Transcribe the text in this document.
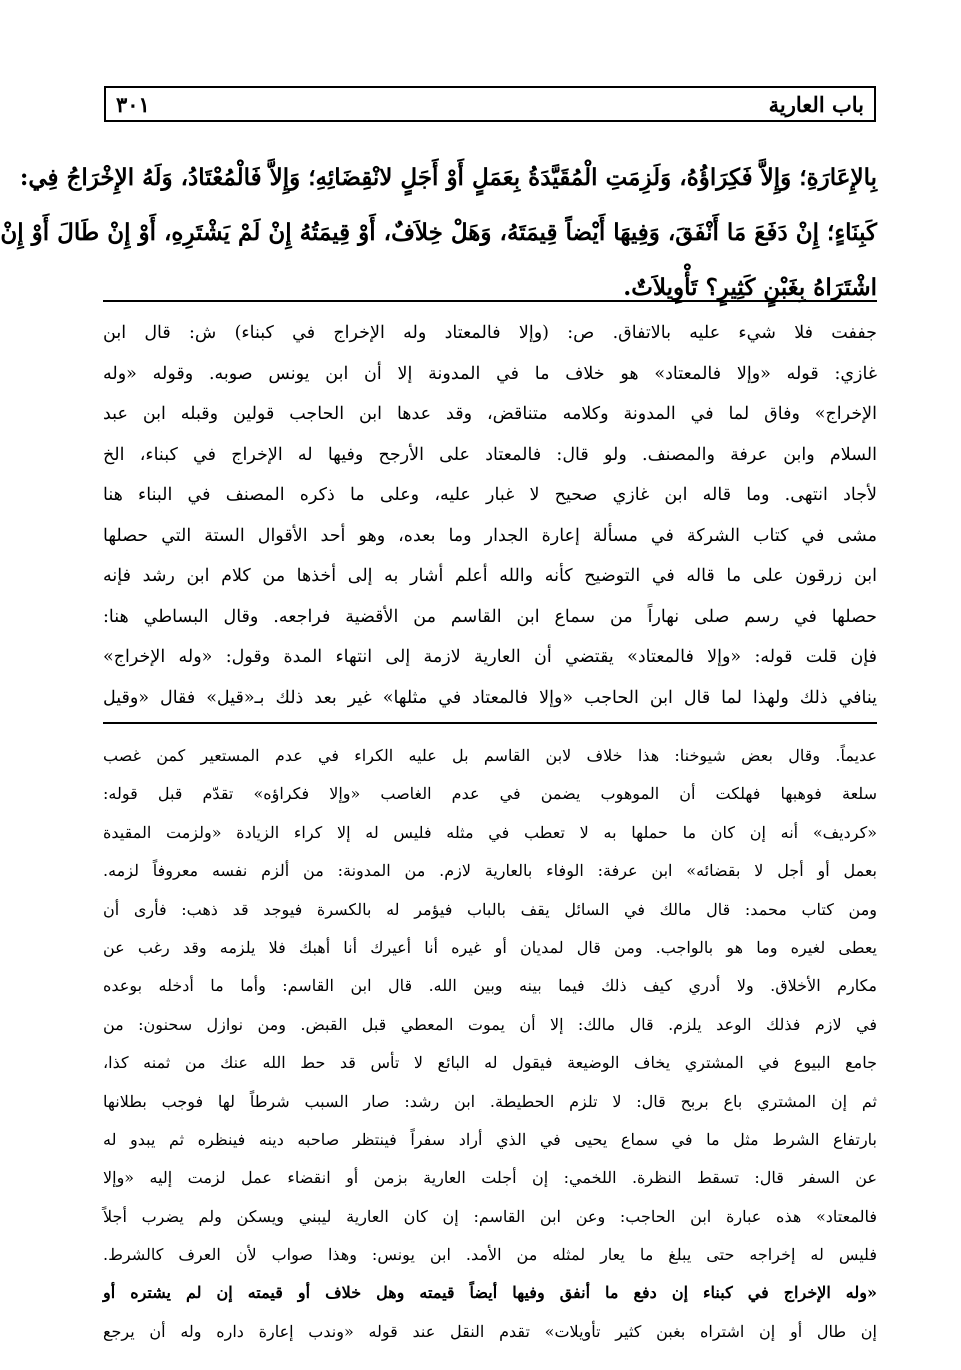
باب العارية
٣٠١
بِالإِعَارَةِ؛ وَإِلاَّ فَكِرَاؤُهُ، وَلَزِمَتِ الْمُقَيَّدَةُ بِعَمَلٍ أَوْ أَجَلٍ لانْقِضَائِهِ؛ وَإِلاَّ فَالْمُعْتَادُ، وَلَهُ الإِخْرَاجُ فِي:
كَبِنَاءٍ؛ إِنْ دَفَعَ مَا أَنْفَقَ، وَفِيهَا أَيْضاً قِيمَتَهُ، وَهَلْ خِلاَفٌ، أَوْ قِيمَتُهُ إِنْ لَمْ يَشْتَرِهِ، أَوْ إِنْ طَالَ أَوْ إِنْ
اشْتَرَاهُ بِغَبْنٍ كَثِيرٍ؟ تَأْوِيلاَتٌ.
جففت فلا شيء عليه بالاتفاق. ص: (وإلا فالمعتاد وله الإخراج في كبناء) ش: قال ابن
غازي: قوله «وإلا فالمعتاد» هو خلاف ما في المدونة إلا أن ابن يونس صوبه. وقوله «وله
الإخراج» وفاق لما في المدونة وكلامه متناقض، وقد عدها ابن الحاجب قولين وقبله ابن عبد
السلام وابن عرفة والمصنف. ولو قال: فالمعتاد على الأرجح وفيها له الإخراج في كبناء، الخ
لأجاد انتهى. وما قاله ابن غازي صحيح لا غبار عليه، وعلى ما ذكره المصنف في البناء هنا
مشى في كتاب الشركة في مسألة إعارة الجدار وما بعده، وهو أحد الأقوال الستة التي حصلها
ابن زرقون على ما قاله في التوضيح كأنه والله أعلم أشار به إلى أخذها من كلام ابن رشد فإنه
حصلها في رسم صلى نهاراً من سماع ابن القاسم من الأقضية فراجعه. وقال البساطي هنا:
فإن قلت قوله: «وإلا فالمعتاد» يقتضي أن العارية لازمة إلى انتهاء المدة وقول: «وله الإخراج»
ينافي ذلك ولهذا لما قال ابن الحاجب «وإلا فالمعتاد في مثلها» غير بعد ذلك بـ«قيل» فقال «وقيل
عديماً. وقال بعض شيوخنا: هذا خلاف لابن القاسم بل عليه الكراء في عدم المستعير كمن غصب
سلعة فوهبها فهلكت أن الموهوب يضمن في عدم الغاصب «وإلا فكراؤه» تقدّم قبل قوله:
«كرديف» أنه إن كان ما حملها به لا تعطب في مثله فليس له إلا كراء الزيادة «ولزمت المقيدة
بعمل أو أجل لا بقضائه» ابن عرفة: الوفاء بالعارية لازم. من المدونة: من ألزم نفسه معروفاً لزمه.
ومن كتاب محمد: قال مالك في السائل يقف بالباب فيؤمر له بالكسرة فيوجد قد ذهب: فأرى أن
يعطى لغيره وما هو بالواجب. ومن قال لمديان أو غيره أنا أعيرك أنا أهبك فلا يلزمه وقد رغب عن
مكارم الأخلاق. ولا أدري كيف ذلك فيما بينه وبين الله. قال ابن القاسم: وأما ما أدخله بوعده
في لازم فذلك الوعد يلزم. قال مالك: إلا أن يموت المعطي قبل القبض. ومن نوازل سحنون: من
جامع البيوع في المشتري يخاف الوضيعة فيقول له البائع لا تأس قد حط الله عنك من ثمنه كذا،
ثم إن المشتري باع بربح قال: لا تلزم الحطيطة. ابن رشد: صار السبب شرطاً لها فوجب بطلانها
بارتفاع الشرط مثل ما في سماع يحيى في الذي أراد سفراً فينتظر صاحبه دينه فينظره ثم يبدو له
عن السفر قال: تسقط النظرة. اللخمي: إن أجلت العارية بزمن أو انقضاء عمل لزمت إليه «وإلا
فالمعتاد» هذه عبارة ابن الحاجب: وعن ابن القاسم: إن كان العارية ليبني ويسكن ولم يضرب أجلاً
فليس له إخراجه حتى يبلغ ما يعار لمثله من الأمد. ابن يونس: وهذا صواب لأن العرف كالشرط.
«وله الإخراج في كبناء إن دفع ما أنفق وفيها أيضاً قيمته وهل خلاف أو قيمته إن لم يشتره أو
إن طال أو إن اشتراه بغبن كثير تأويلات» تقدم النقل عند قوله «وندب إعارة داره وله أن يرجع
